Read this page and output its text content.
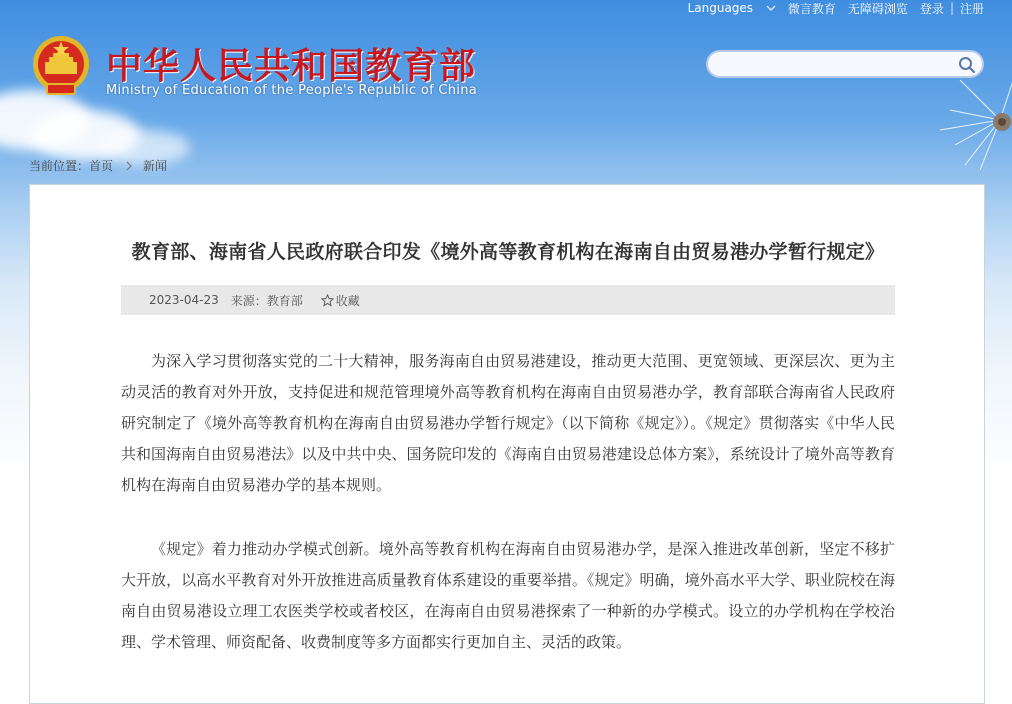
Languages	微言教育	无障碍浏览	登录 | 注册
中华人民共和国教育部
Ministry of Education of the People's Republic of China
当前位置： 首页	新闻
教育部、海南省人民政府联合印发《境外高等教育机构在海南自由贸易港办学暂行规定》
2023-04-23 来源：教育部	收藏

为深入学习贯彻落实党的二十大精神，服务海南自由贸易港建设，推动更大范围、更宽领域、更深层次、更为主动灵活的教育对外开放，支持促进和规范管理境外高等教育机构在海南自由贸易港办学，教育部联合海南省人民政府研究制定了《境外高等教育机构在海南自由贸易港办学暂行规定》（以下简称《规定》）。《规定》贯彻落实《中华人民共和国海南自由贸易港法》以及中共中央、国务院印发的《海南自由贸易港建设总体方案》，系统设计了境外高等教育机构在海南自由贸易港办学的基本规则。

《规定》着力推动办学模式创新。境外高等教育机构在海南自由贸易港办学，是深入推进改革创新，坚定不移扩大开放，以高水平教育对外开放推进高质量教育体系建设的重要举措。《规定》明确，境外高水平大学、职业院校在海南自由贸易港设立理工农医类学校或者校区，在海南自由贸易港探索了一种新的办学模式。设立的办学机构在学校治理、学术管理、师资配备、收费制度等多方面都实行更加自主、灵活的政策。
